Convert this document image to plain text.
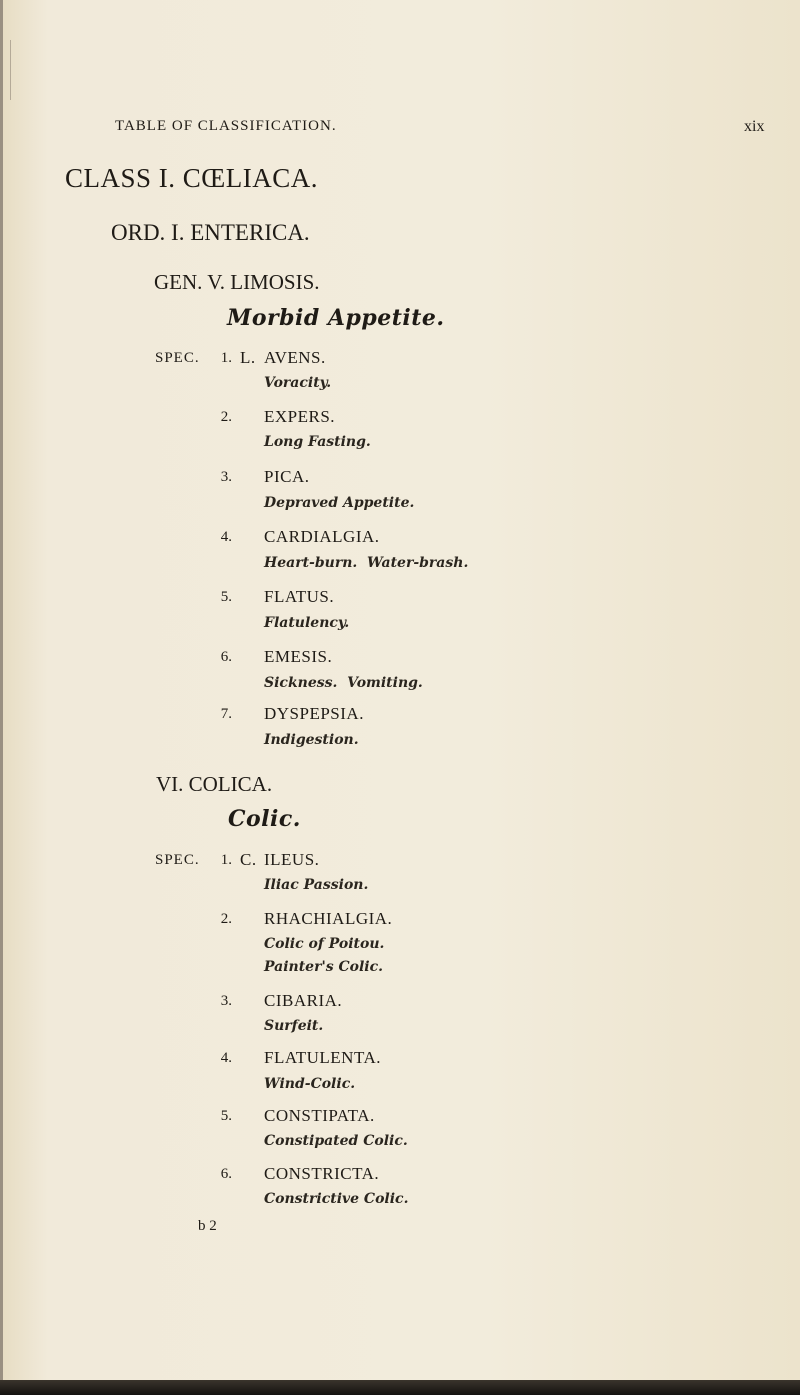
TABLE OF CLASSIFICATION.	xix
CLASS I. CŒLIACA.
ORD. I. ENTERICA.
GEN. V. LIMOSIS.
Morbid Appetite.
SPEC.	1. L. AVENS.
Voracity.
2. EXPERS.
Long Fasting.
3. PICA.
Depraved Appetite.
4. CARDIALGIA.
Heart-burn.  Water-brash.
5. FLATUS.
Flatulency.
6. EMESIS.
Sickness.  Vomiting.
7. DYSPEPSIA.
Indigestion.
VI. COLICA.
Colic.
SPEC.	1. C. ILEUS.
Iliac Passion.
2. RHACHIALGIA.
Colic of Poitou.
Painter's Colic.
3. CIBARIA.
Surfeit.
4. FLATULENTA.
Wind-Colic.
5. CONSTIPATA.
Constipated Colic.
6. CONSTRICTA.
Constrictive Colic.
b 2
